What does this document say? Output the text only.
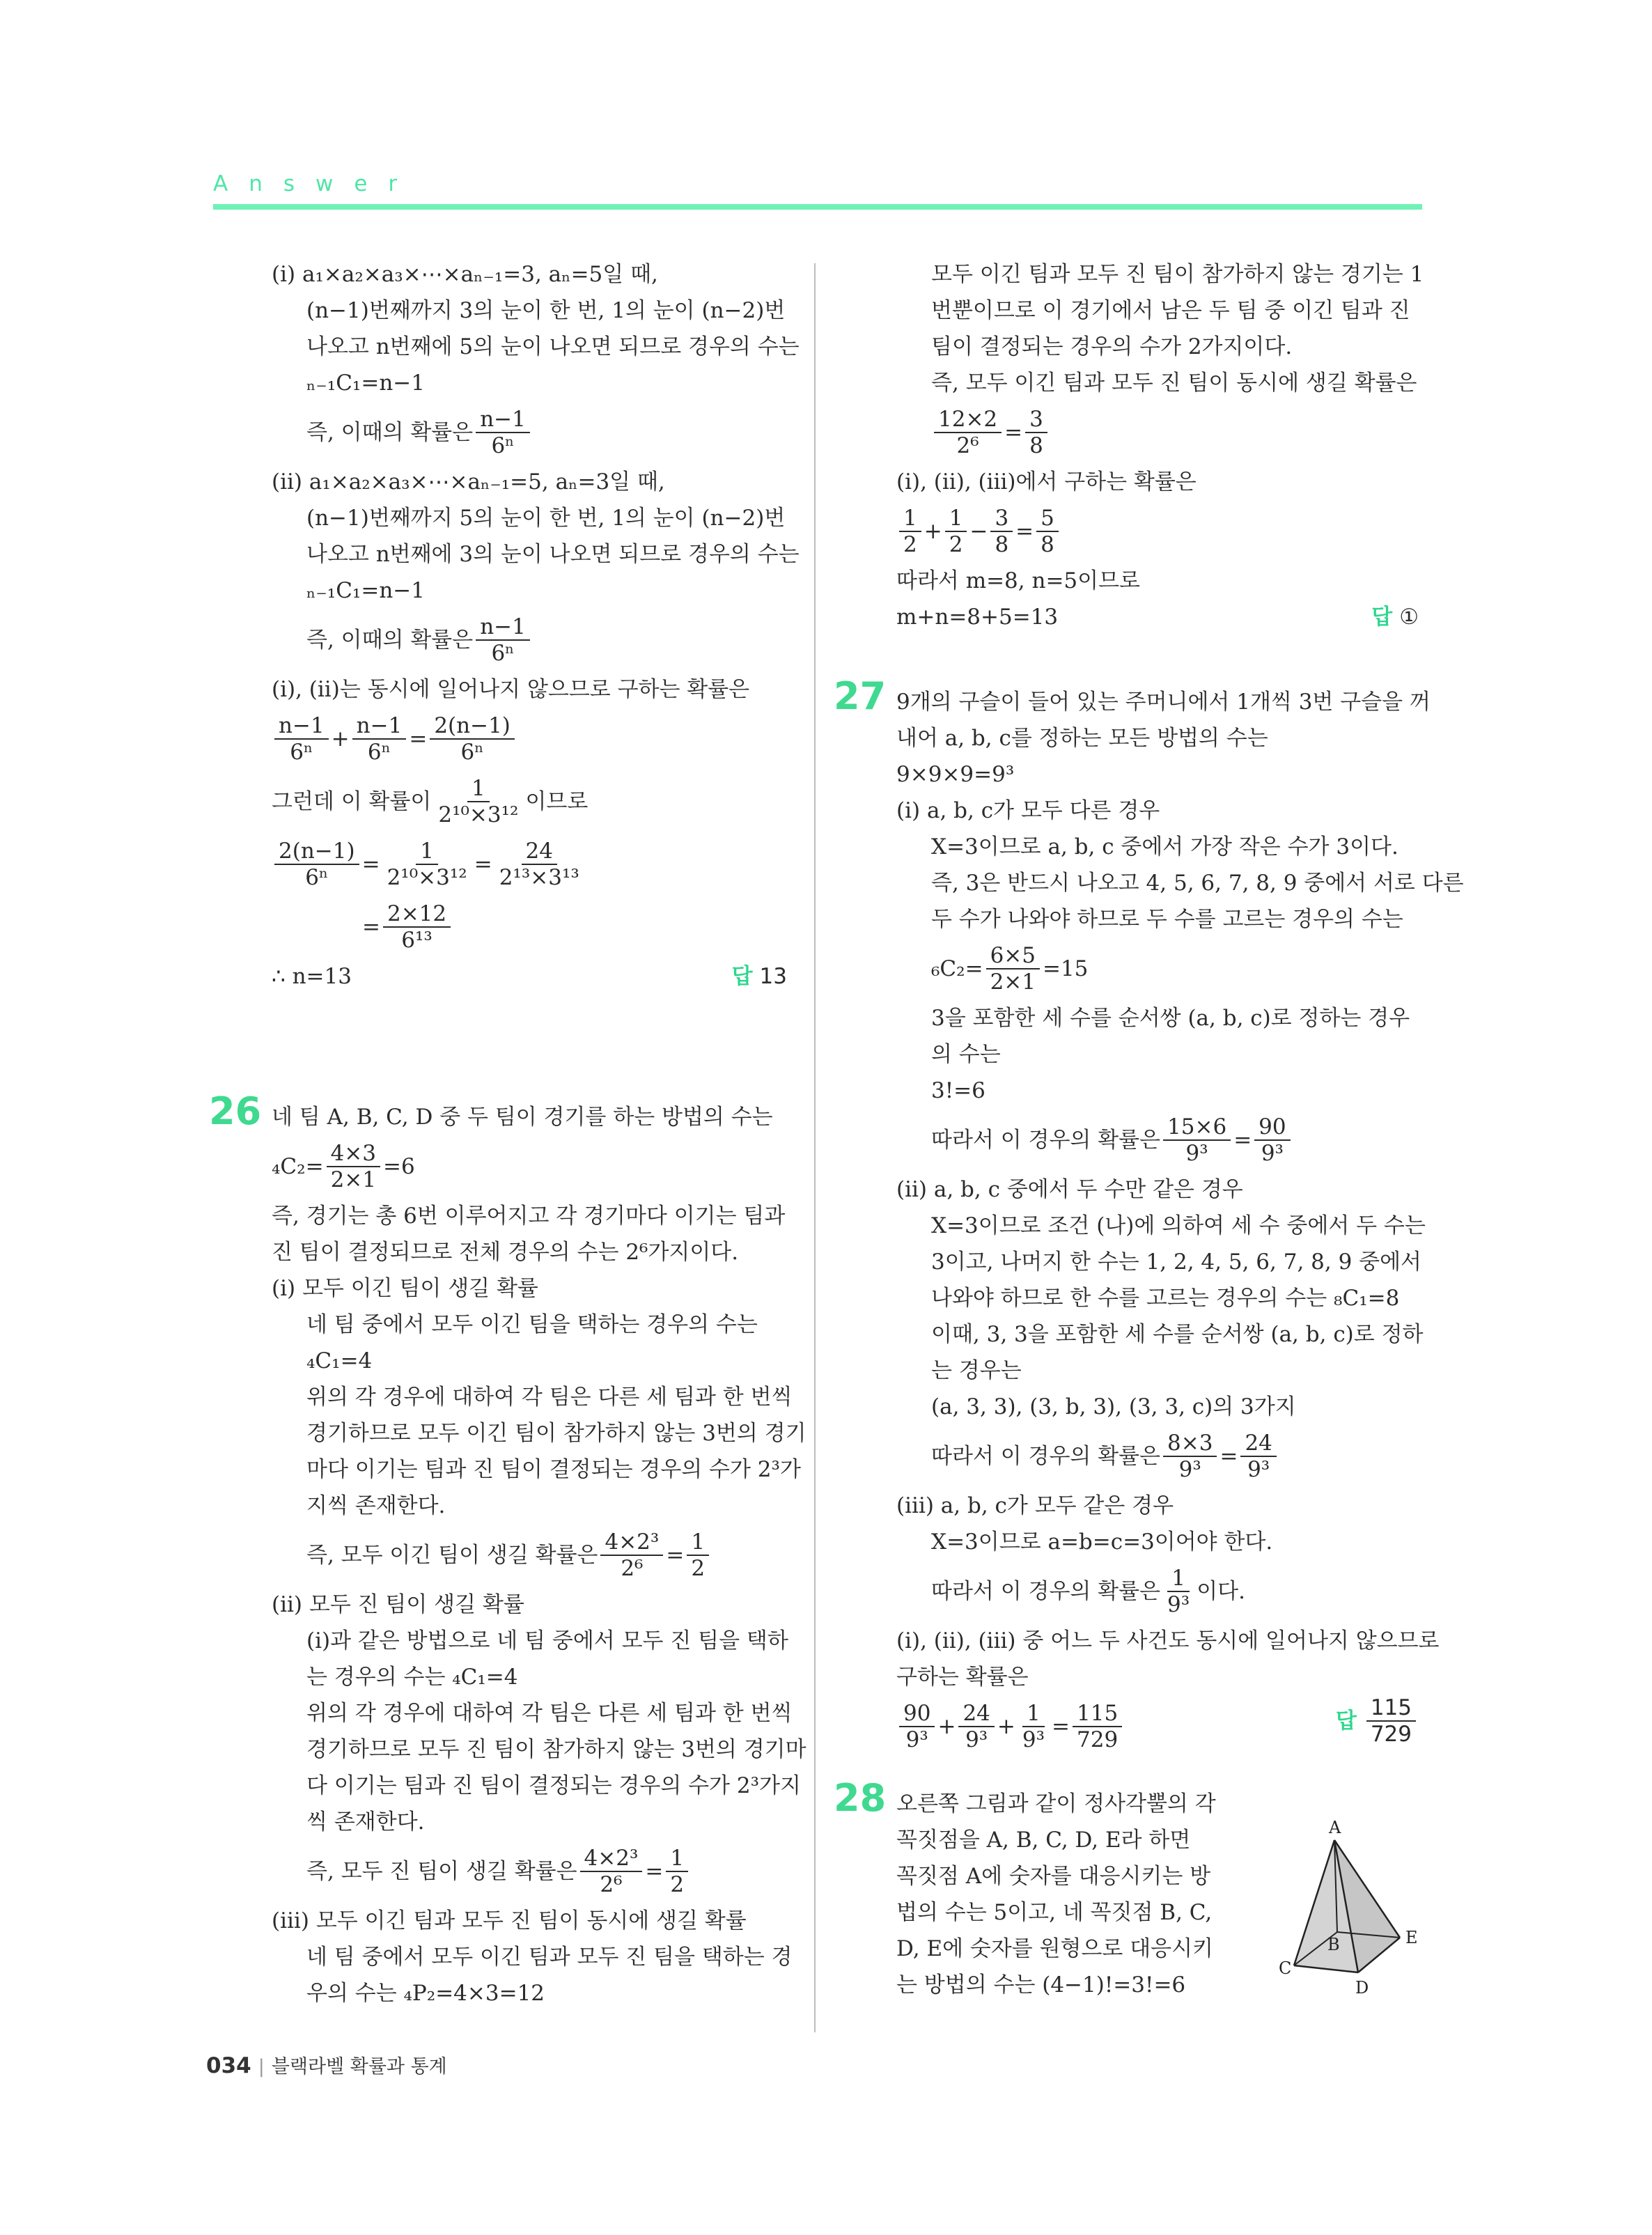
Answer
(ⅰ) a₁×a₂×a₃×⋯×aₙ₋₁=3, aₙ=5일 때,
(n−1)번째까지 3의 눈이 한 번, 1의 눈이 (n−2)번
나오고 n번째에 5의 눈이 나오면 되므로 경우의 수는
ₙ₋₁C₁=n−1
즉, 이때의 확률은 $\frac{n-1}{\text{6ⁿ}}$
(ⅱ) a₁×a₂×a₃×⋯×aₙ₋₁=5, aₙ=3일 때,
(n−1)번째까지 5의 눈이 한 번, 1의 눈이 (n−2)번
나오고 n번째에 3의 눈이 나오면 되므로 경우의 수는
ₙ₋₁C₁=n−1
즉, 이때의 확률은 $\frac{n-1}{\text{6ⁿ}}$
(ⅰ), (ⅱ)는 동시에 일어나지 않으므로 구하는 확률은
$\frac{n-1}{\text{6ⁿ}} + \frac{n-1}{\text{6ⁿ}} = \frac{2(n-1)}{\text{6ⁿ}}$
그런데 이 확률이 $\frac{1}{\text{2¹⁰×3¹²}}$ 이므로
$\frac{2(n-1)}{\text{6ⁿ}} = \frac{1}{\text{2¹⁰×3¹²}} = \frac{24}{\text{2¹³×3¹³}}$
= $\frac{2\times 12}{\text{6¹³}}$
∴ n=13	답 13
26 네 팀 A, B, C, D 중 두 팀이 경기를 하는 방법의 수는
$_4C_2= \frac{4\times 3}{2\times 1} =6$
즉, 경기는 총 6번 이루어지고 각 경기마다 이기는 팀과
진 팀이 결정되므로 전체 경우의 수는 2⁶가지이다.
(ⅰ) 모두 이긴 팀이 생길 확률
네 팀 중에서 모두 이긴 팀을 택하는 경우의 수는
₄C₁=4
위의 각 경우에 대하여 각 팀은 다른 세 팀과 한 번씩
경기하므로 모두 이긴 팀이 참가하지 않는 3번의 경기
마다 이기는 팀과 진 팀이 결정되는 경우의 수가 2³가
지씩 존재한다.
즉, 모두 이긴 팀이 생길 확률은 $\frac{\text{4×2³}}{\text{2⁶}} = \frac{1}{2}$
(ⅱ) 모두 진 팀이 생길 확률
(ⅰ)과 같은 방법으로 네 팀 중에서 모두 진 팀을 택하
는 경우의 수는 ₄C₁=4
위의 각 경우에 대하여 각 팀은 다른 세 팀과 한 번씩
경기하므로 모두 진 팀이 참가하지 않는 3번의 경기마
다 이기는 팀과 진 팀이 결정되는 경우의 수가 2³가지
씩 존재한다.
즉, 모두 진 팀이 생길 확률은 $\frac{\text{4×2³}}{\text{2⁶}} = \frac{1}{2}$
(ⅲ) 모두 이긴 팀과 모두 진 팀이 동시에 생길 확률
네 팀 중에서 모두 이긴 팀과 모두 진 팀을 택하는 경
우의 수는 ₄P₂=4×3=12
모두 이긴 팀과 모두 진 팀이 참가하지 않는 경기는 1
번뿐이므로 이 경기에서 남은 두 팀 중 이긴 팀과 진
팀이 결정되는 경우의 수가 2가지이다.
즉, 모두 이긴 팀과 모두 진 팀이 동시에 생길 확률은
$\frac{12\times 2}{\text{2⁶}} = \frac{3}{8}$
(ⅰ), (ⅱ), (ⅲ)에서 구하는 확률은
$\frac{1}{2} + \frac{1}{2} - \frac{3}{8} = \frac{5}{8}$
따라서 m=8, n=5이므로
m+n=8+5=13	답 ①
27 9개의 구슬이 들어 있는 주머니에서 1개씩 3번 구슬을 꺼
내어 a, b, c를 정하는 모든 방법의 수는
9×9×9=9³
(ⅰ) a, b, c가 모두 다른 경우
X=3이므로 a, b, c 중에서 가장 작은 수가 3이다.
즉, 3은 반드시 나오고 4, 5, 6, 7, 8, 9 중에서 서로 다른
두 수가 나와야 하므로 두 수를 고르는 경우의 수는
$_6C_2= \frac{6\times 5}{2\times 1} =15$
3을 포함한 세 수를 순서쌍 (a, b, c)로 정하는 경우
의 수는
3!=6
따라서 이 경우의 확률은 $\frac{15\times 6}{\text{9³}} = \frac{90}{\text{9³}}$
(ⅱ) a, b, c 중에서 두 수만 같은 경우
X=3이므로 조건 (나)에 의하여 세 수 중에서 두 수는
3이고, 나머지 한 수는 1, 2, 4, 5, 6, 7, 8, 9 중에서
나와야 하므로 한 수를 고르는 경우의 수는 ₈C₁=8
이때, 3, 3을 포함한 세 수를 순서쌍 (a, b, c)로 정하
는 경우는
(a, 3, 3), (3, b, 3), (3, 3, c)의 3가지
따라서 이 경우의 확률은 $\frac{8\times 3}{\text{9³}} = \frac{24}{\text{9³}}$
(ⅲ) a, b, c가 모두 같은 경우
X=3이므로 a=b=c=3이어야 한다.
따라서 이 경우의 확률은 $\frac{1}{\text{9³}}$ 이다.
(ⅰ), (ⅱ), (ⅲ) 중 어느 두 사건도 동시에 일어나지 않으므로
구하는 확률은
$\frac{90}{\text{9³}} + \frac{24}{\text{9³}} + \frac{1}{\text{9³}} = \frac{115}{729}$	답 $\frac{115}{729}$
28 오른쪽 그림과 같이 정사각뿔의 각
꼭짓점을 A, B, C, D, E라 하면
꼭짓점 A에 숫자를 대응시키는 방
법의 수는 5이고, 네 꼭짓점 B, C,
D, E에 숫자를 원형으로 대응시키
는 방법의 수는 (4−1)!=3!=6
A
B
C
D
E
034 | 블랙라벨 확률과 통계
